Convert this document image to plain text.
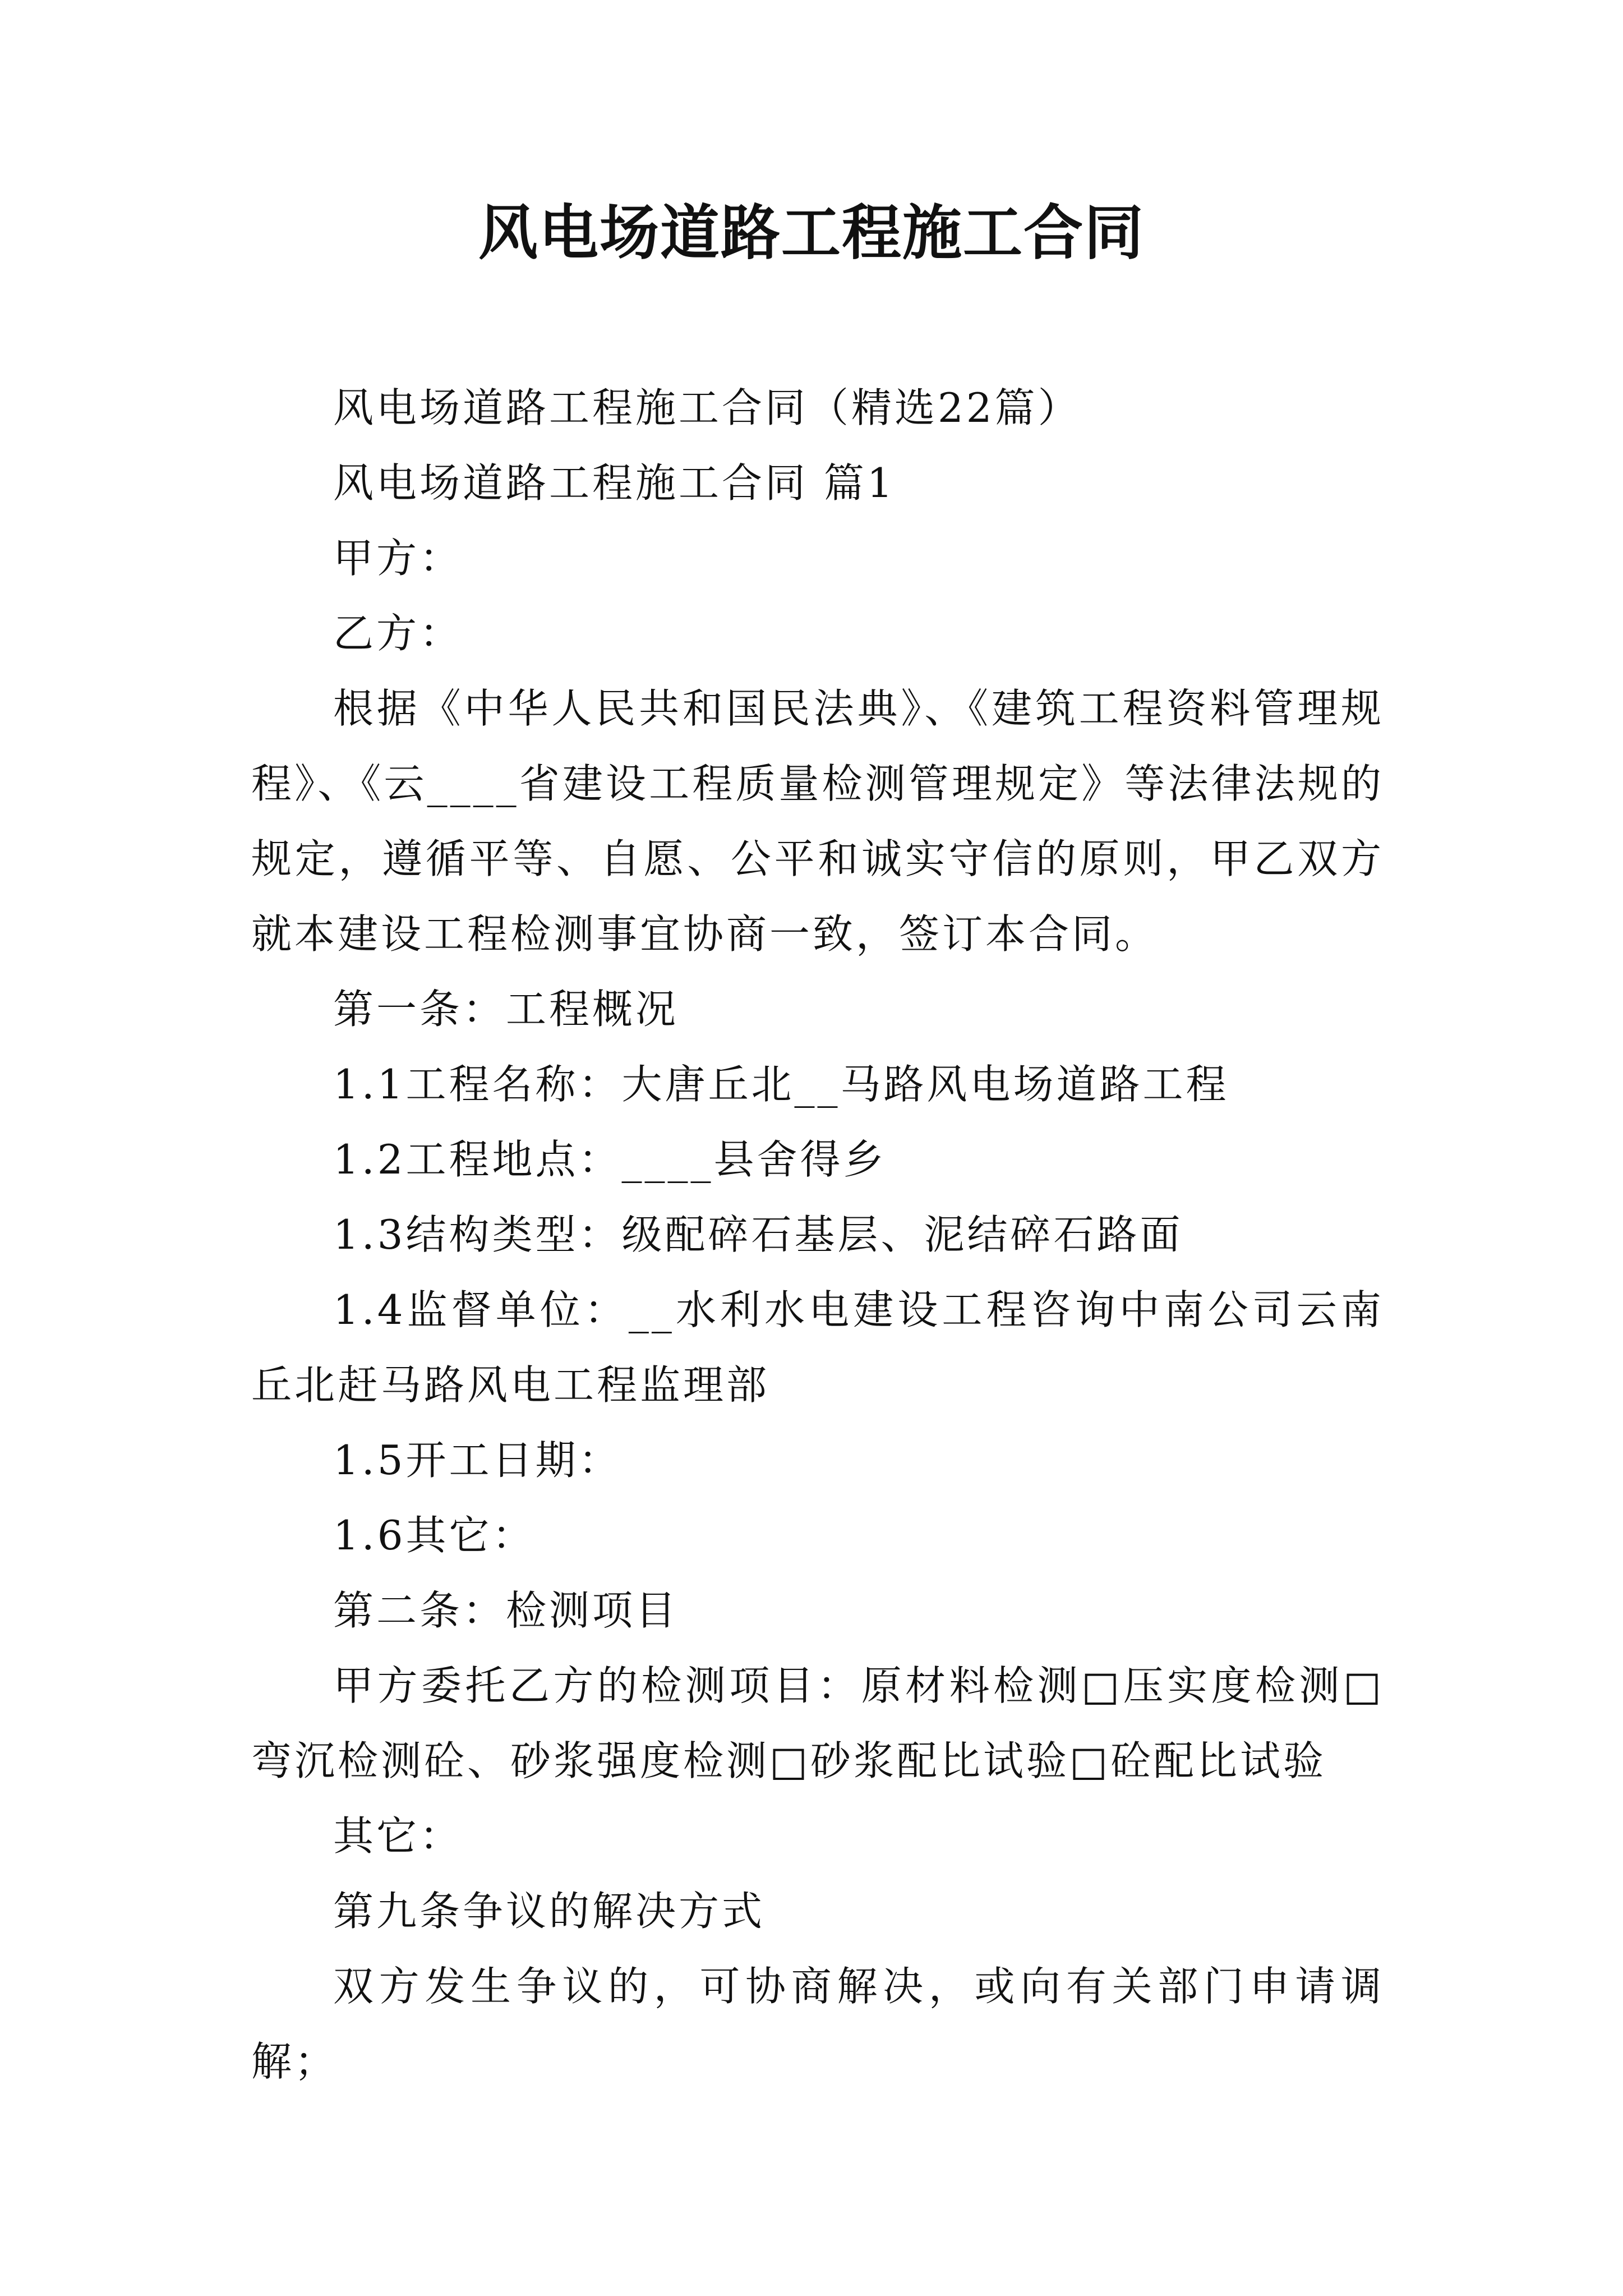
风电场道路工程施工合同

风电场道路工程施工合同（精选22篇）

风电场道路工程施工合同 篇1

甲方：

乙方：

根据《中华人民共和国民法典》、《建筑工程资料管理规程》、《云____省建设工程质量检测管理规定》等法律法规的规定，遵循平等、自愿、公平和诚实守信的原则，甲乙双方就本建设工程检测事宜协商一致，签订本合同。

第一条：工程概况

1.1工程名称：大唐丘北__马路风电场道路工程

1.2工程地点：____县舍得乡

1.3结构类型：级配碎石基层、泥结碎石路面

1.4监督单位：__水利水电建设工程咨询中南公司云南丘北赶马路风电工程监理部

1.5开工日期：

1.6其它：

第二条：检测项目

甲方委托乙方的检测项目：原材料检测□压实度检测□弯沉检测砼、砂浆强度检测□砂浆配比试验□砼配比试验

其它：

第九条争议的解决方式

双方发生争议的，可协商解决，或向有关部门申请调解；
